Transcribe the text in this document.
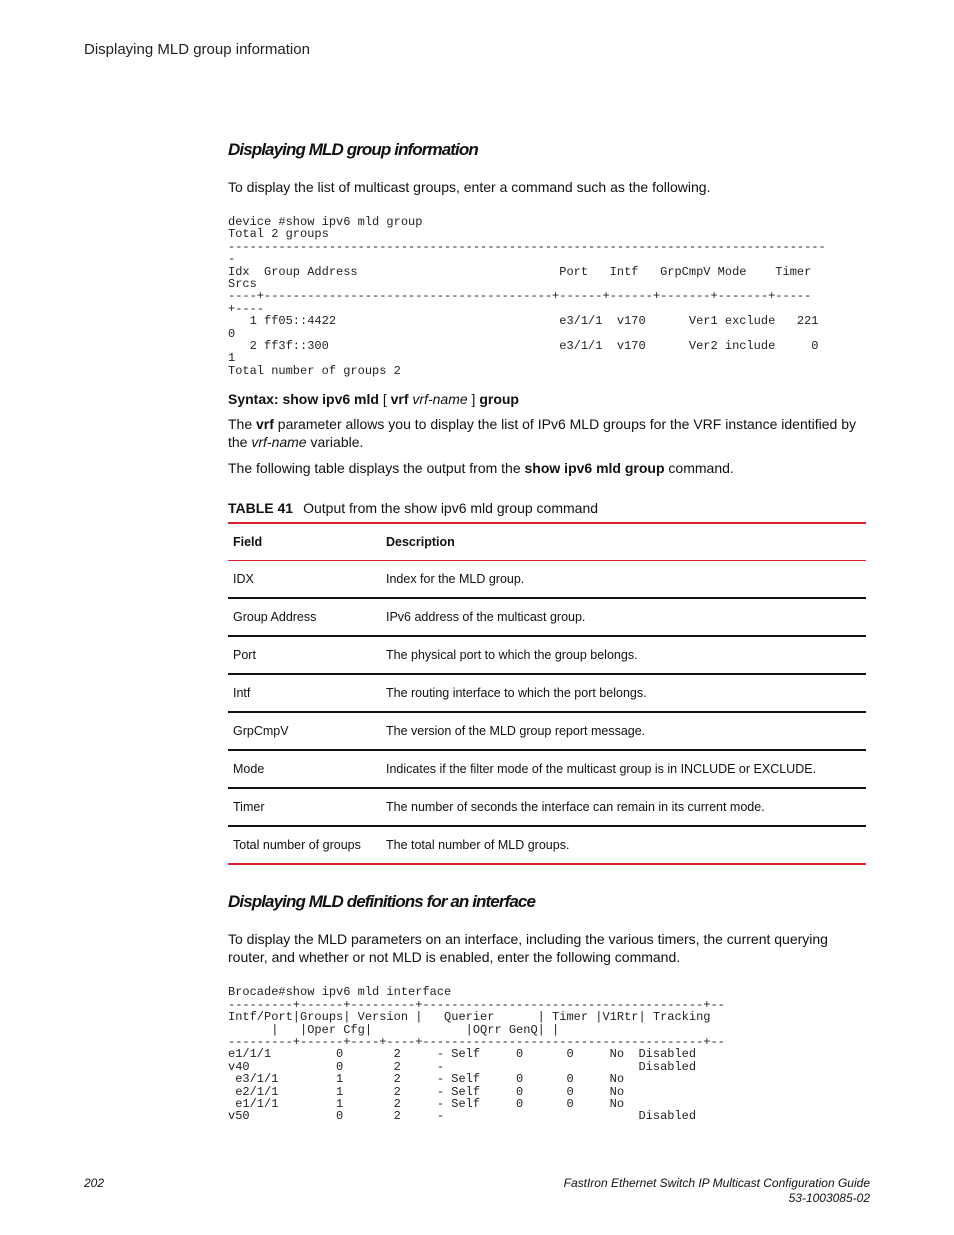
Displaying MLD group information
Displaying MLD group information

To display the list of multicast groups, enter a command such as the following.

device #show ipv6 mld group
Total 2 groups
-----------------------------------------------------------------------------------
-
Idx  Group Address                            Port   Intf   GrpCmpV Mode    Timer
Srcs
----+----------------------------------------+------+------+-------+-------+-----
+----
1 ff05::4422                               e3/1/1  v170      Ver1 exclude   221
0
2 ff3f::300                                e3/1/1  v170      Ver2 include     0
1
Total number of groups 2

Syntax: show ipv6 mld [ vrf vrf-name ] group

The vrf parameter allows you to display the list of IPv6 MLD groups for the VRF instance identified by the vrf-name variable.

The following table displays the output from the show ipv6 mld group command.

TABLE 41 Output from the show ipv6 mld group command
Field	Description
IDX	Index for the MLD group.
Group Address	IPv6 address of the multicast group.
Port	The physical port to which the group belongs.
Intf	The routing interface to which the port belongs.
GrpCmpV	The version of the MLD group report message.
Mode	Indicates if the filter mode of the multicast group is in INCLUDE or EXCLUDE.
Timer	The number of seconds the interface can remain in its current mode.
Total number of groups	The total number of MLD groups.
Displaying MLD definitions for an interface

To display the MLD parameters on an interface, including the various timers, the current querying router, and whether or not MLD is enabled, enter the following command.

Brocade#show ipv6 mld interface
---------+------+---------+---------------------------------------+--
Intf/Port|Groups| Version |   Querier      | Timer |V1Rtr| Tracking
|   |Oper Cfg|             |OQrr GenQ| |
---------+------+----+----+---------------------------------------+--
e1/1/1         0       2     - Self     0      0     No  Disabled
v40            0       2     -                           Disabled
e3/1/1        1       2     - Self     0      0     No
e2/1/1        1       2     - Self     0      0     No
e1/1/1        1       2     - Self     0      0     No
v50            0       2     -                           Disabled
202	FastIron Ethernet Switch IP Multicast Configuration Guide
53-1003085-02
